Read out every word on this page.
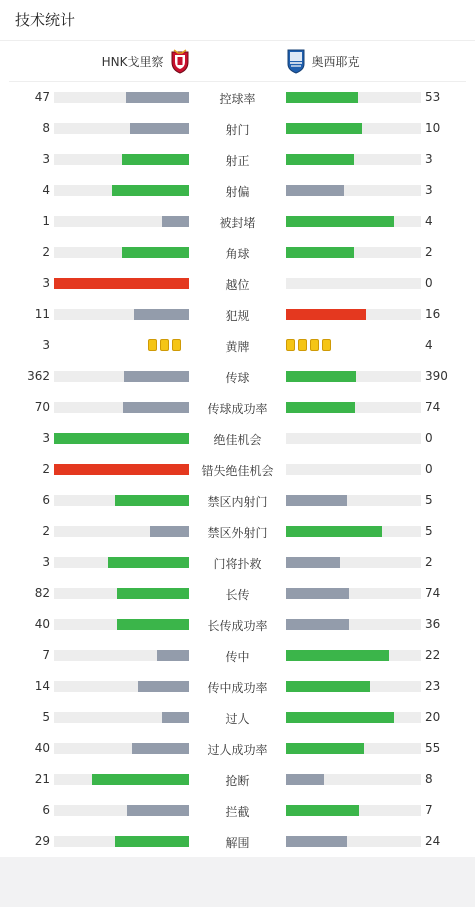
技术统计
HNK戈里察	奥西耶克
47	控球率	53
8	射门	10
3	射正	3
4	射偏	3
1	被封堵	4
2	角球	2
3	越位	0
11	犯规	16
3	黄牌	4
362	传球	390
70	传球成功率	74
3	绝佳机会	0
2	错失绝佳机会	0
6	禁区内射门	5
2	禁区外射门	5
3	门将扑救	2
82	长传	74
40	长传成功率	36
7	传中	22
14	传中成功率	23
5	过人	20
40	过人成功率	55
21	抢断	8
6	拦截	7
29	解围	24
